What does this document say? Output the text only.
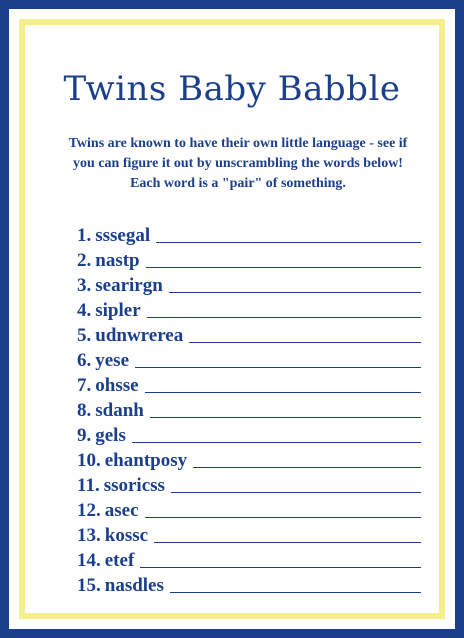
Twins Baby Babble
Twins are known to have their own little language - see if
you can figure it out by unscrambling the words below!
Each word is a "pair" of something.
1. sssegal
2. nastp
3. searirgn
4. sipler
5. udnwrerea
6. yese
7. ohsse
8. sdanh
9. gels
10. ehantposy
11. ssoricss
12. asec
13. kossc
14. etef
15. nasdles
